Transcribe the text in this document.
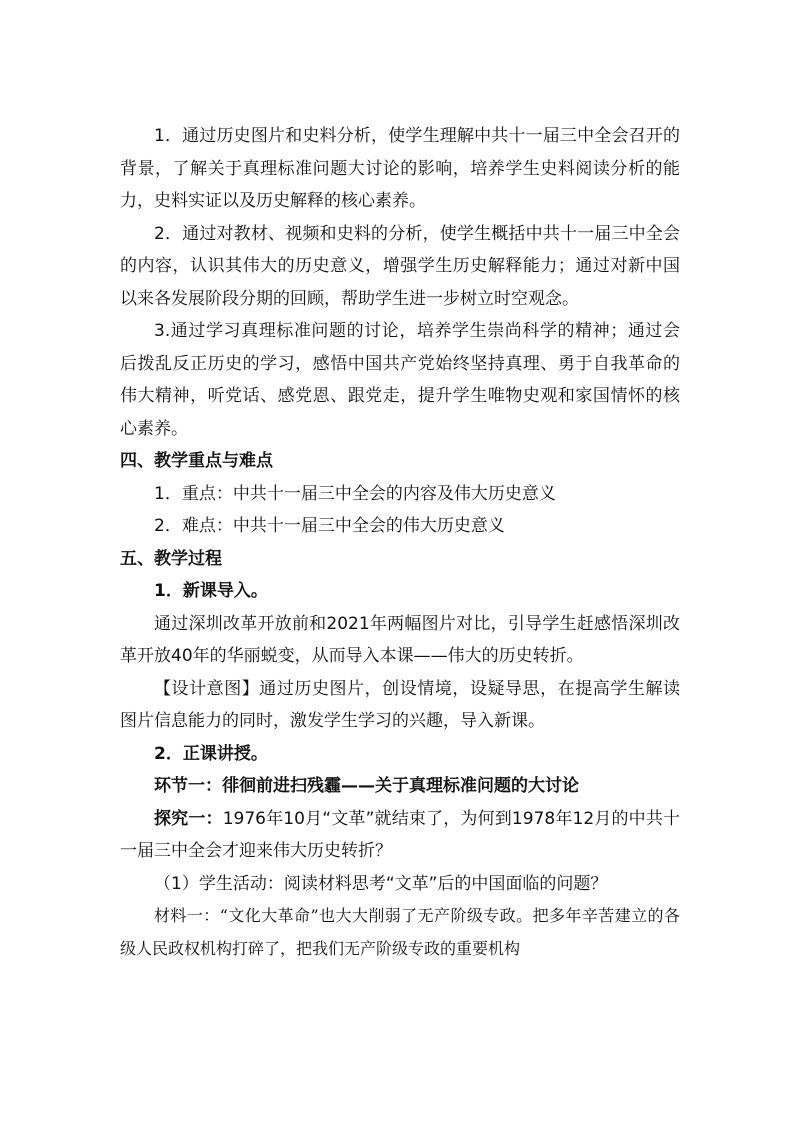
1．通过历史图片和史料分析，使学生理解中共十一届三中全会召开的背景，了解关于真理标准问题大讨论的影响，培养学生史料阅读分析的能力，史料实证以及历史解释的核心素养。

2．通过对教材、视频和史料的分析，使学生概括中共十一届三中全会的内容，认识其伟大的历史意义，增强学生历史解释能力；通过对新中国以来各发展阶段分期的回顾，帮助学生进一步树立时空观念。

3.通过学习真理标准问题的讨论，培养学生崇尚科学的精神；通过会后拨乱反正历史的学习，感悟中国共产党始终坚持真理、勇于自我革命的伟大精神，听党话、感党恩、跟党走，提升学生唯物史观和家国情怀的核心素养。

四、教学重点与难点

1．重点：中共十一届三中全会的内容及伟大历史意义

2．难点：中共十一届三中全会的伟大历史意义

五、教学过程

1．新课导入。

通过深圳改革开放前和2021年两幅图片对比，引导学生赶感悟深圳改革开放40年的华丽蜕变，从而导入本课——伟大的历史转折。

【设计意图】通过历史图片，创设情境，设疑导思，在提高学生解读图片信息能力的同时，激发学生学习的兴趣，导入新课。

2．正课讲授。

环节一：徘徊前进扫残霾——关于真理标准问题的大讨论

探究一：1976年10月“文革”就结束了，为何到1978年12月的中共十一届三中全会才迎来伟大历史转折？

（1）学生活动：阅读材料思考“文革”后的中国面临的问题？

材料一：“文化大革命”也大大削弱了无产阶级专政。把多年辛苦建立的各级人民政权机构打碎了，把我们无产阶级专政的重要机构
